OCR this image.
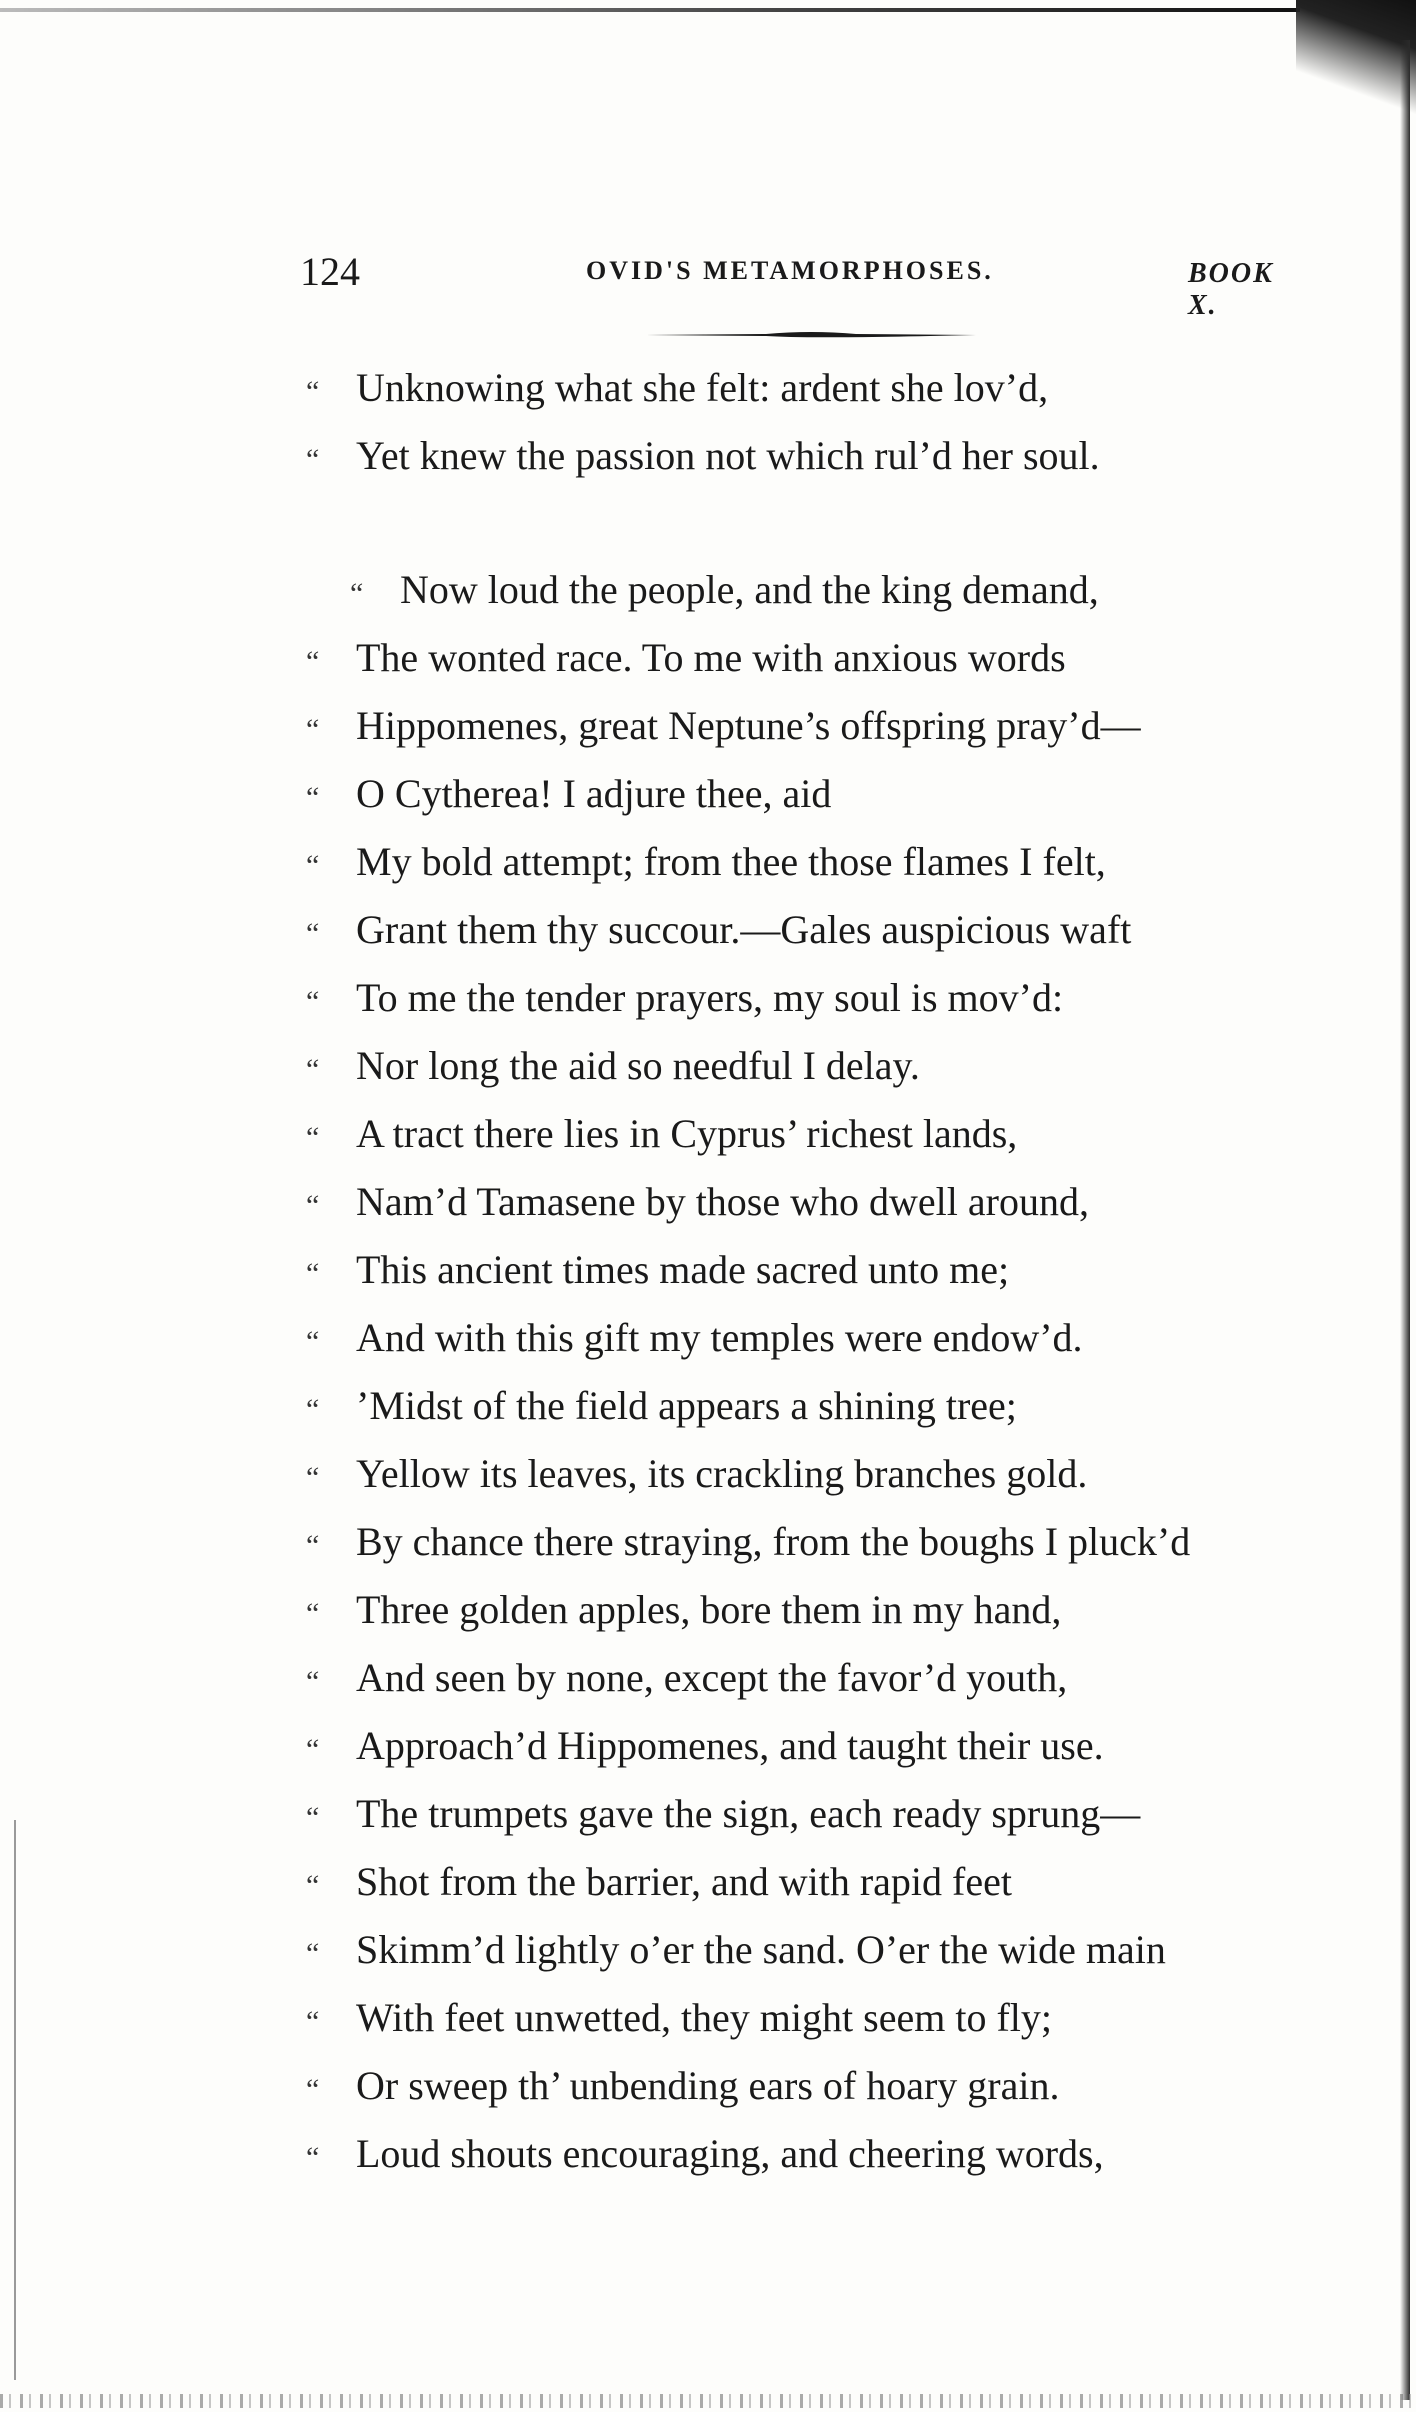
124	OVID'S METAMORPHOSES.	BOOK X.
“ Unknowing what she felt: ardent she lov’d,
“ Yet knew the passion not which rul’d her soul.
“ Now loud the people, and the king demand,
“ The wonted race. To me with anxious words
“ Hippomenes, great Neptune’s offspring pray’d—
“ O Cytherea! I adjure thee, aid
“ My bold attempt; from thee those flames I felt,
“ Grant them thy succour.—Gales auspicious waft
“ To me the tender prayers, my soul is mov’d:
“ Nor long the aid so needful I delay.
“ A tract there lies in Cyprus’ richest lands,
“ Nam’d Tamasene by those who dwell around,
“ This ancient times made sacred unto me;
“ And with this gift my temples were endow’d.
“ ’Midst of the field appears a shining tree;
“ Yellow its leaves, its crackling branches gold.
“ By chance there straying, from the boughs I pluck’d
“ Three golden apples, bore them in my hand,
“ And seen by none, except the favor’d youth,
“ Approach’d Hippomenes, and taught their use.
“ The trumpets gave the sign, each ready sprung—
“ Shot from the barrier, and with rapid feet
“ Skimm’d lightly o’er the sand. O’er the wide main
“ With feet unwetted, they might seem to fly;
“ Or sweep th’ unbending ears of hoary grain.
“ Loud shouts encouraging, and cheering words,
